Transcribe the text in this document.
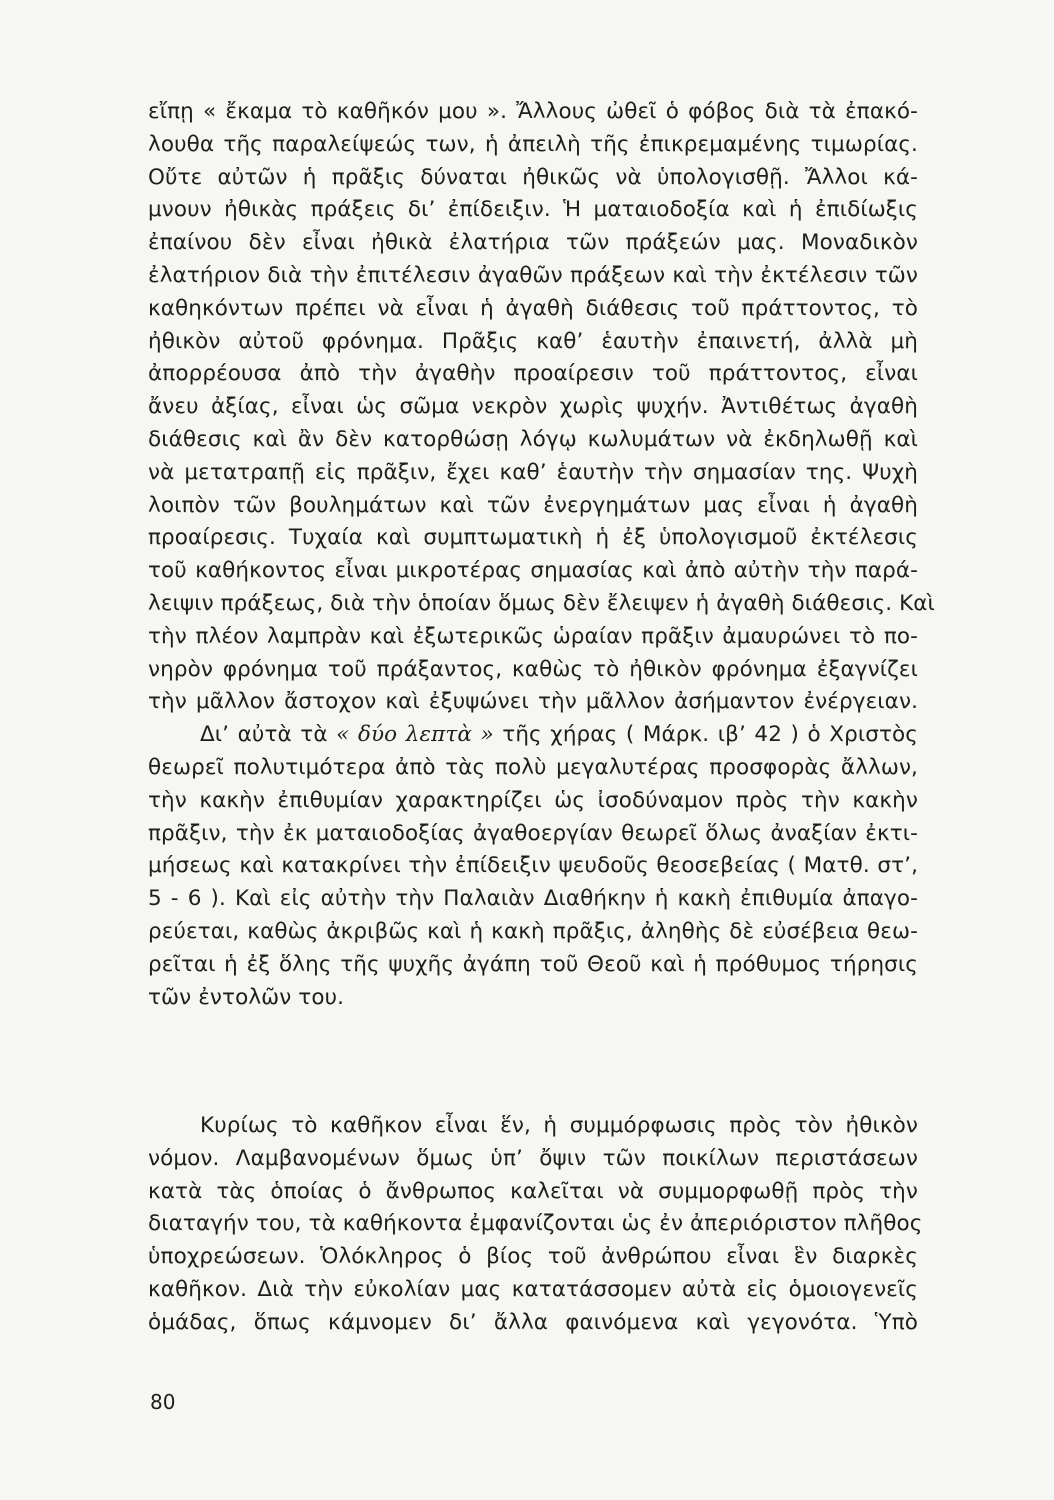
εἴπῃ « ἔκαμα τὸ καθῆκόν μου ». Ἄλλους ὠθεῖ ὁ φόβος διὰ τὰ ἐπακό-
λουθα τῆς παραλείψεώς των, ἡ ἀπειλὴ τῆς ἐπικρεμαμένης τιμωρίας.
Οὔτε αὐτῶν ἡ πρᾶξις δύναται ἠθικῶς νὰ ὑπολογισθῇ. Ἄλλοι κά-
μνουν ἠθικὰς πράξεις δι’ ἐπίδειξιν. Ἡ ματαιοδοξία καὶ ἡ ἐπιδίωξις
ἐπαίνου δὲν εἶναι ἠθικὰ ἐλατήρια τῶν πράξεών μας. Μοναδικὸν
ἐλατήριον διὰ τὴν ἐπιτέλεσιν ἀγαθῶν πράξεων καὶ τὴν ἐκτέλεσιν τῶν
καθηκόντων πρέπει νὰ εἶναι ἡ ἀγαθὴ διάθεσις τοῦ πράττοντος, τὸ
ἠθικὸν αὐτοῦ φρόνημα. Πρᾶξις καθ’ ἑαυτὴν ἐπαινετή, ἀλλὰ μὴ
ἀπορρέουσα ἀπὸ τὴν ἀγαθὴν προαίρεσιν τοῦ πράττοντος, εἶναι
ἄνευ ἀξίας, εἶναι ὡς σῶμα νεκρὸν χωρὶς ψυχήν. Ἀντιθέτως ἀγαθὴ
διάθεσις καὶ ἂν δὲν κατορθώσῃ λόγῳ κωλυμάτων νὰ ἐκδηλωθῇ καὶ
νὰ μετατραπῇ εἰς πρᾶξιν, ἔχει καθ’ ἑαυτὴν τὴν σημασίαν της. Ψυχὴ
λοιπὸν τῶν βουλημάτων καὶ τῶν ἐνεργημάτων μας εἶναι ἡ ἀγαθὴ
προαίρεσις. Τυχαία καὶ συμπτωματικὴ ἡ ἐξ ὑπολογισμοῦ ἐκτέλεσις
τοῦ καθήκοντος εἶναι μικροτέρας σημασίας καὶ ἀπὸ αὐτὴν τὴν παρά-
λειψιν πράξεως, διὰ τὴν ὁποίαν ὅμως δὲν ἔλειψεν ἡ ἀγαθὴ διάθεσις. Καὶ
τὴν πλέον λαμπρὰν καὶ ἐξωτερικῶς ὡραίαν πρᾶξιν ἀμαυρώνει τὸ πο-
νηρὸν φρόνημα τοῦ πράξαντος, καθὼς τὸ ἠθικὸν φρόνημα ἐξαγνίζει
τὴν μᾶλλον ἄστοχον καὶ ἐξυψώνει τὴν μᾶλλον ἀσήμαντον ἐνέργειαν.
Δι’ αὐτὰ τὰ « δύο λεπτὰ » τῆς χήρας ( Μάρκ. ιβ’ 42 ) ὁ Χριστὸς
θεωρεῖ πολυτιμότερα ἀπὸ τὰς πολὺ μεγαλυτέρας προσφορὰς ἄλλων,
τὴν κακὴν ἐπιθυμίαν χαρακτηρίζει ὡς ἰσοδύναμον πρὸς τὴν κακὴν
πρᾶξιν, τὴν ἐκ ματαιοδοξίας ἀγαθοεργίαν θεωρεῖ ὅλως ἀναξίαν ἐκτι-
μήσεως καὶ κατακρίνει τὴν ἐπίδειξιν ψευδοῦς θεοσεβείας ( Ματθ. στ’,
5 - 6 ). Καὶ εἰς αὐτὴν τὴν Παλαιὰν Διαθήκην ἡ κακὴ ἐπιθυμία ἀπαγο-
ρεύεται, καθὼς ἀκριβῶς καὶ ἡ κακὴ πρᾶξις, ἀληθὴς δὲ εὐσέβεια θεω-
ρεῖται ἡ ἐξ ὅλης τῆς ψυχῆς ἀγάπη τοῦ Θεοῦ καὶ ἡ πρόθυμος τήρησις
τῶν ἐντολῶν του.
Κυρίως τὸ καθῆκον εἶναι ἕν, ἡ συμμόρφωσις πρὸς τὸν ἠθικὸν
νόμον. Λαμβανομένων ὅμως ὑπ’ ὄψιν τῶν ποικίλων περιστάσεων
κατὰ τὰς ὁποίας ὁ ἄνθρωπος καλεῖται νὰ συμμορφωθῇ πρὸς τὴν
διαταγήν του, τὰ καθήκοντα ἐμφανίζονται ὡς ἐν ἀπεριόριστον πλῆθος
ὑποχρεώσεων. Ὁλόκληρος ὁ βίος τοῦ ἀνθρώπου εἶναι ἓν διαρκὲς
καθῆκον. Διὰ τὴν εὐκολίαν μας κατατάσσομεν αὐτὰ εἰς ὁμοιογενεῖς
ὁμάδας, ὅπως κάμνομεν δι’ ἄλλα φαινόμενα καὶ γεγονότα. Ὑπὸ
80
